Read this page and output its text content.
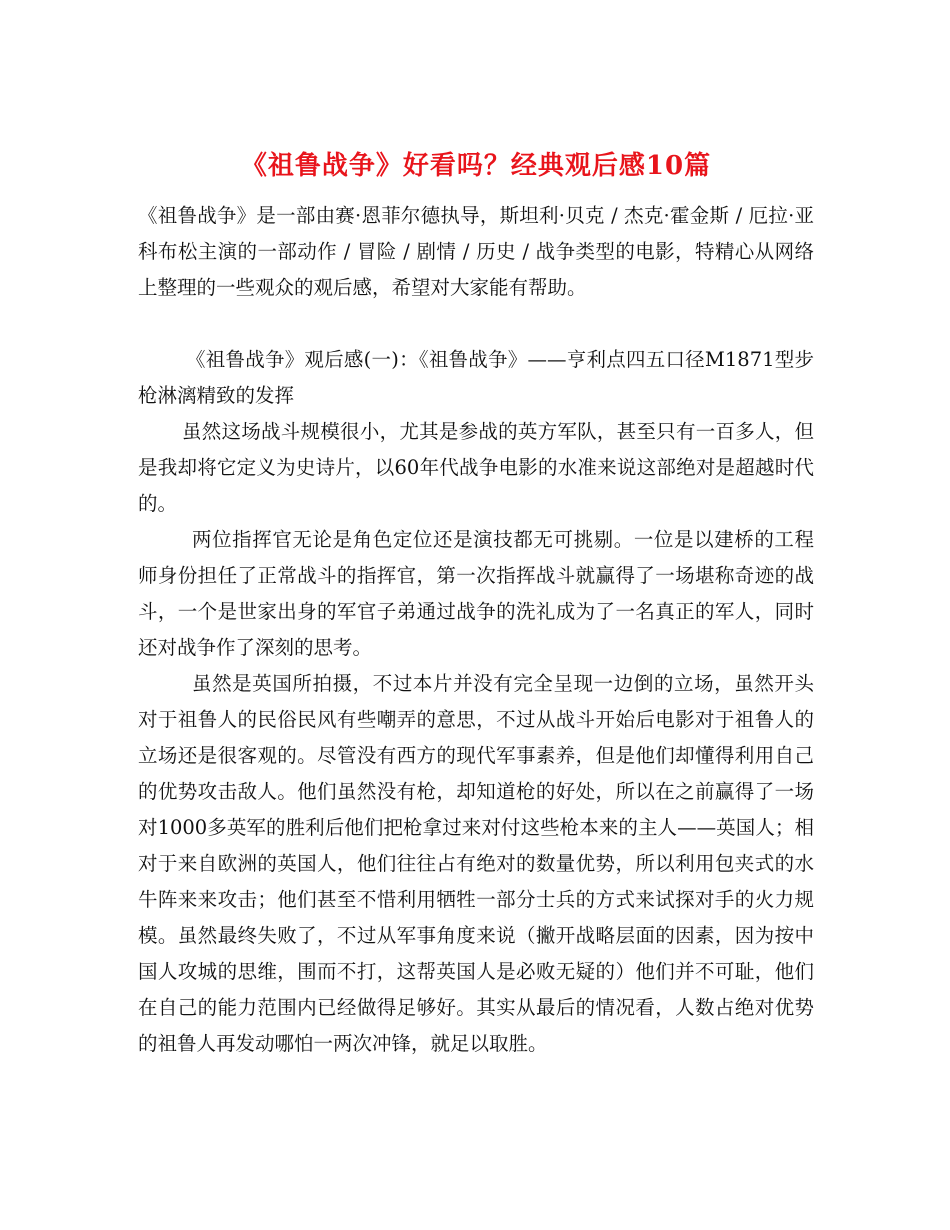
《祖鲁战争》好看吗？经典观后感10篇

《祖鲁战争》是一部由赛·恩菲尔德执导，斯坦利·贝克 / 杰克·霍金斯 / 厄拉·亚科布松主演的一部动作 / 冒险 / 剧情 / 历史 / 战争类型的电影，特精心从网络上整理的一些观众的观后感，希望对大家能有帮助。

《祖鲁战争》观后感(一)：《祖鲁战争》——亨利点四五口径M1871型步枪淋漓精致的发挥

虽然这场战斗规模很小，尤其是参战的英方军队，甚至只有一百多人，但是我却将它定义为史诗片，以60年代战争电影的水准来说这部绝对是超越时代的。

两位指挥官无论是角色定位还是演技都无可挑剔。一位是以建桥的工程师身份担任了正常战斗的指挥官，第一次指挥战斗就赢得了一场堪称奇迹的战斗，一个是世家出身的军官子弟通过战争的洗礼成为了一名真正的军人，同时还对战争作了深刻的思考。

虽然是英国所拍摄，不过本片并没有完全呈现一边倒的立场，虽然开头对于祖鲁人的民俗民风有些嘲弄的意思，不过从战斗开始后电影对于祖鲁人的立场还是很客观的。尽管没有西方的现代军事素养，但是他们却懂得利用自己的优势攻击敌人。他们虽然没有枪，却知道枪的好处，所以在之前赢得了一场对1000多英军的胜利后他们把枪拿过来对付这些枪本来的主人——英国人；相对于来自欧洲的英国人，他们往往占有绝对的数量优势，所以利用包夹式的水牛阵来来攻击；他们甚至不惜利用牺牲一部分士兵的方式来试探对手的火力规模。虽然最终失败了，不过从军事角度来说（撇开战略层面的因素，因为按中国人攻城的思维，围而不打，这帮英国人是必败无疑的）他们并不可耻，他们在自己的能力范围内已经做得足够好。其实从最后的情况看，人数占绝对优势的祖鲁人再发动哪怕一两次冲锋，就足以取胜。
